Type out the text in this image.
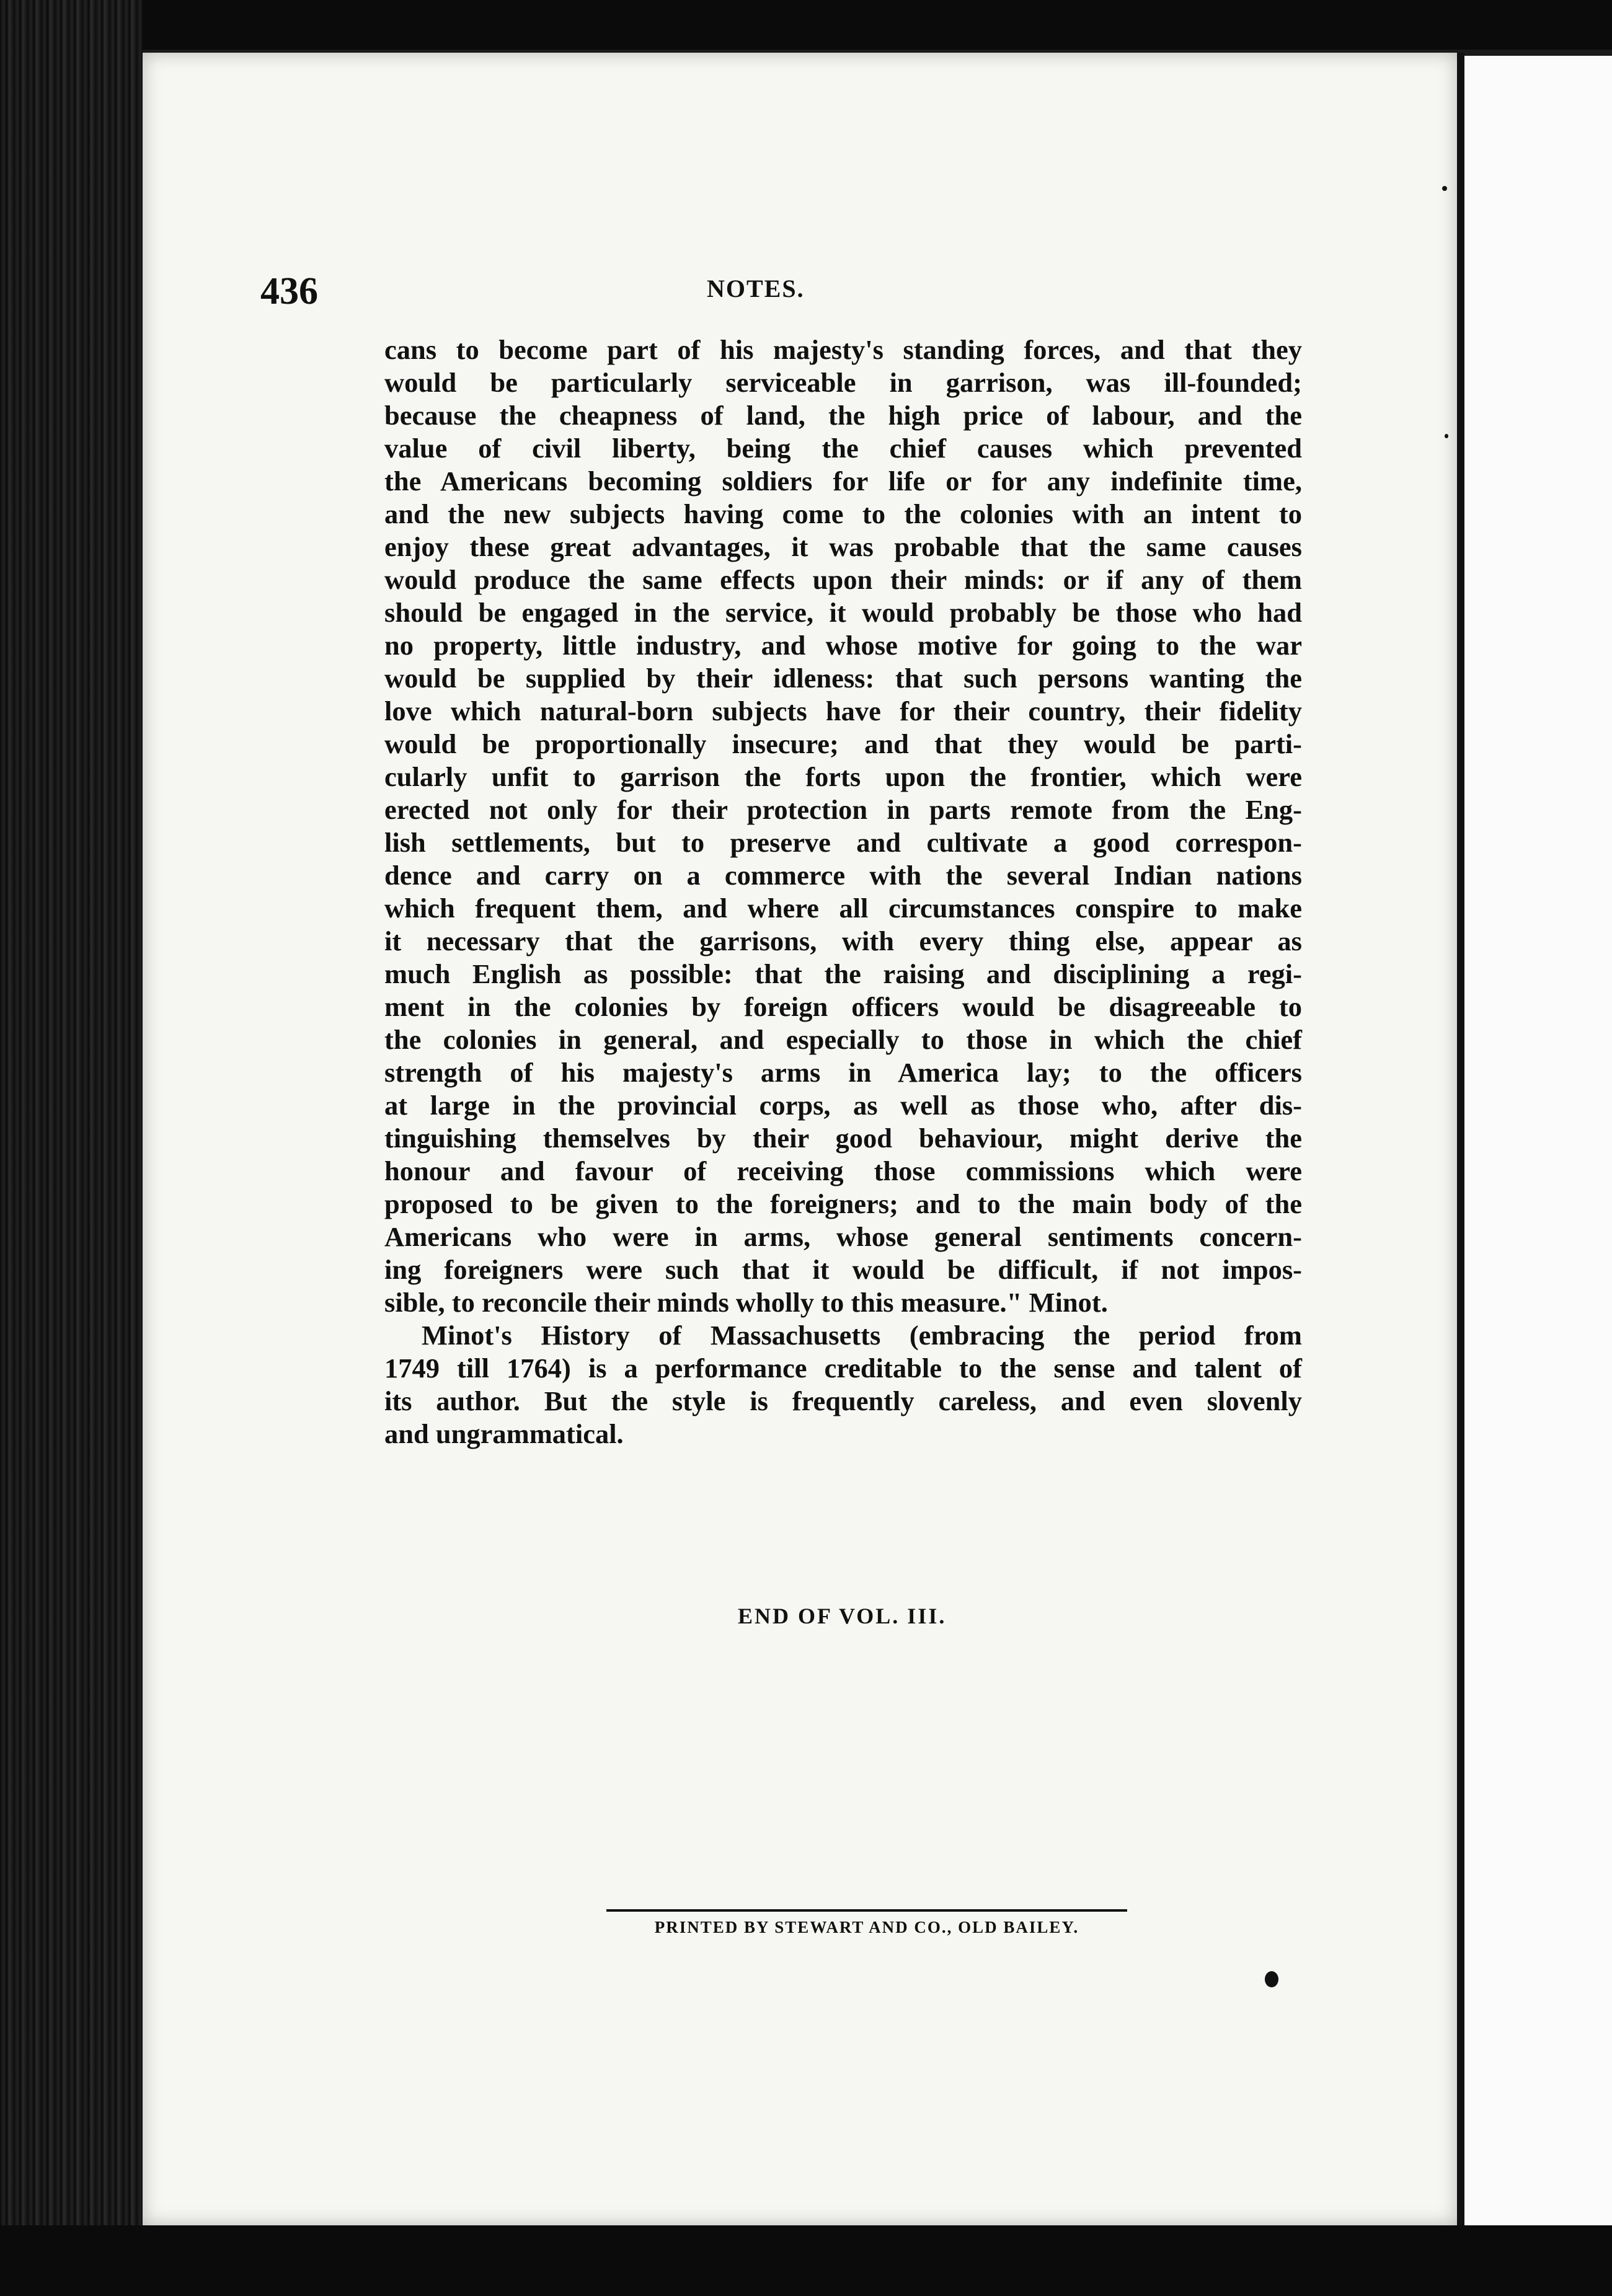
436	NOTES.
cans to become part of his majesty's standing forces, and that they
would be particularly serviceable in garrison, was ill-founded;
because the cheapness of land, the high price of labour, and the
value of civil liberty, being the chief causes which prevented
the Americans becoming soldiers for life or for any indefinite time,
and the new subjects having come to the colonies with an intent to
enjoy these great advantages, it was probable that the same causes
would produce the same effects upon their minds: or if any of them
should be engaged in the service, it would probably be those who had
no property, little industry, and whose motive for going to the war
would be supplied by their idleness: that such persons wanting the
love which natural-born subjects have for their country, their fidelity
would be proportionally insecure; and that they would be parti-
cularly unfit to garrison the forts upon the frontier, which were
erected not only for their protection in parts remote from the Eng-
lish settlements, but to preserve and cultivate a good correspon-
dence and carry on a commerce with the several Indian nations
which frequent them, and where all circumstances conspire to make
it necessary that the garrisons, with every thing else, appear as
much English as possible: that the raising and disciplining a regi-
ment in the colonies by foreign officers would be disagreeable to
the colonies in general, and especially to those in which the chief
strength of his majesty's arms in America lay; to the officers
at large in the provincial corps, as well as those who, after dis-
tinguishing themselves by their good behaviour, might derive the
honour and favour of receiving those commissions which were
proposed to be given to the foreigners; and to the main body of the
Americans who were in arms, whose general sentiments concern-
ing foreigners were such that it would be difficult, if not impos-
sible, to reconcile their minds wholly to this measure." Minot.
Minot's History of Massachusetts (embracing the period from
1749 till 1764) is a performance creditable to the sense and talent of
its author. But the style is frequently careless, and even slovenly
and ungrammatical.
END OF VOL. III.
PRINTED BY STEWART AND CO., OLD BAILEY.
